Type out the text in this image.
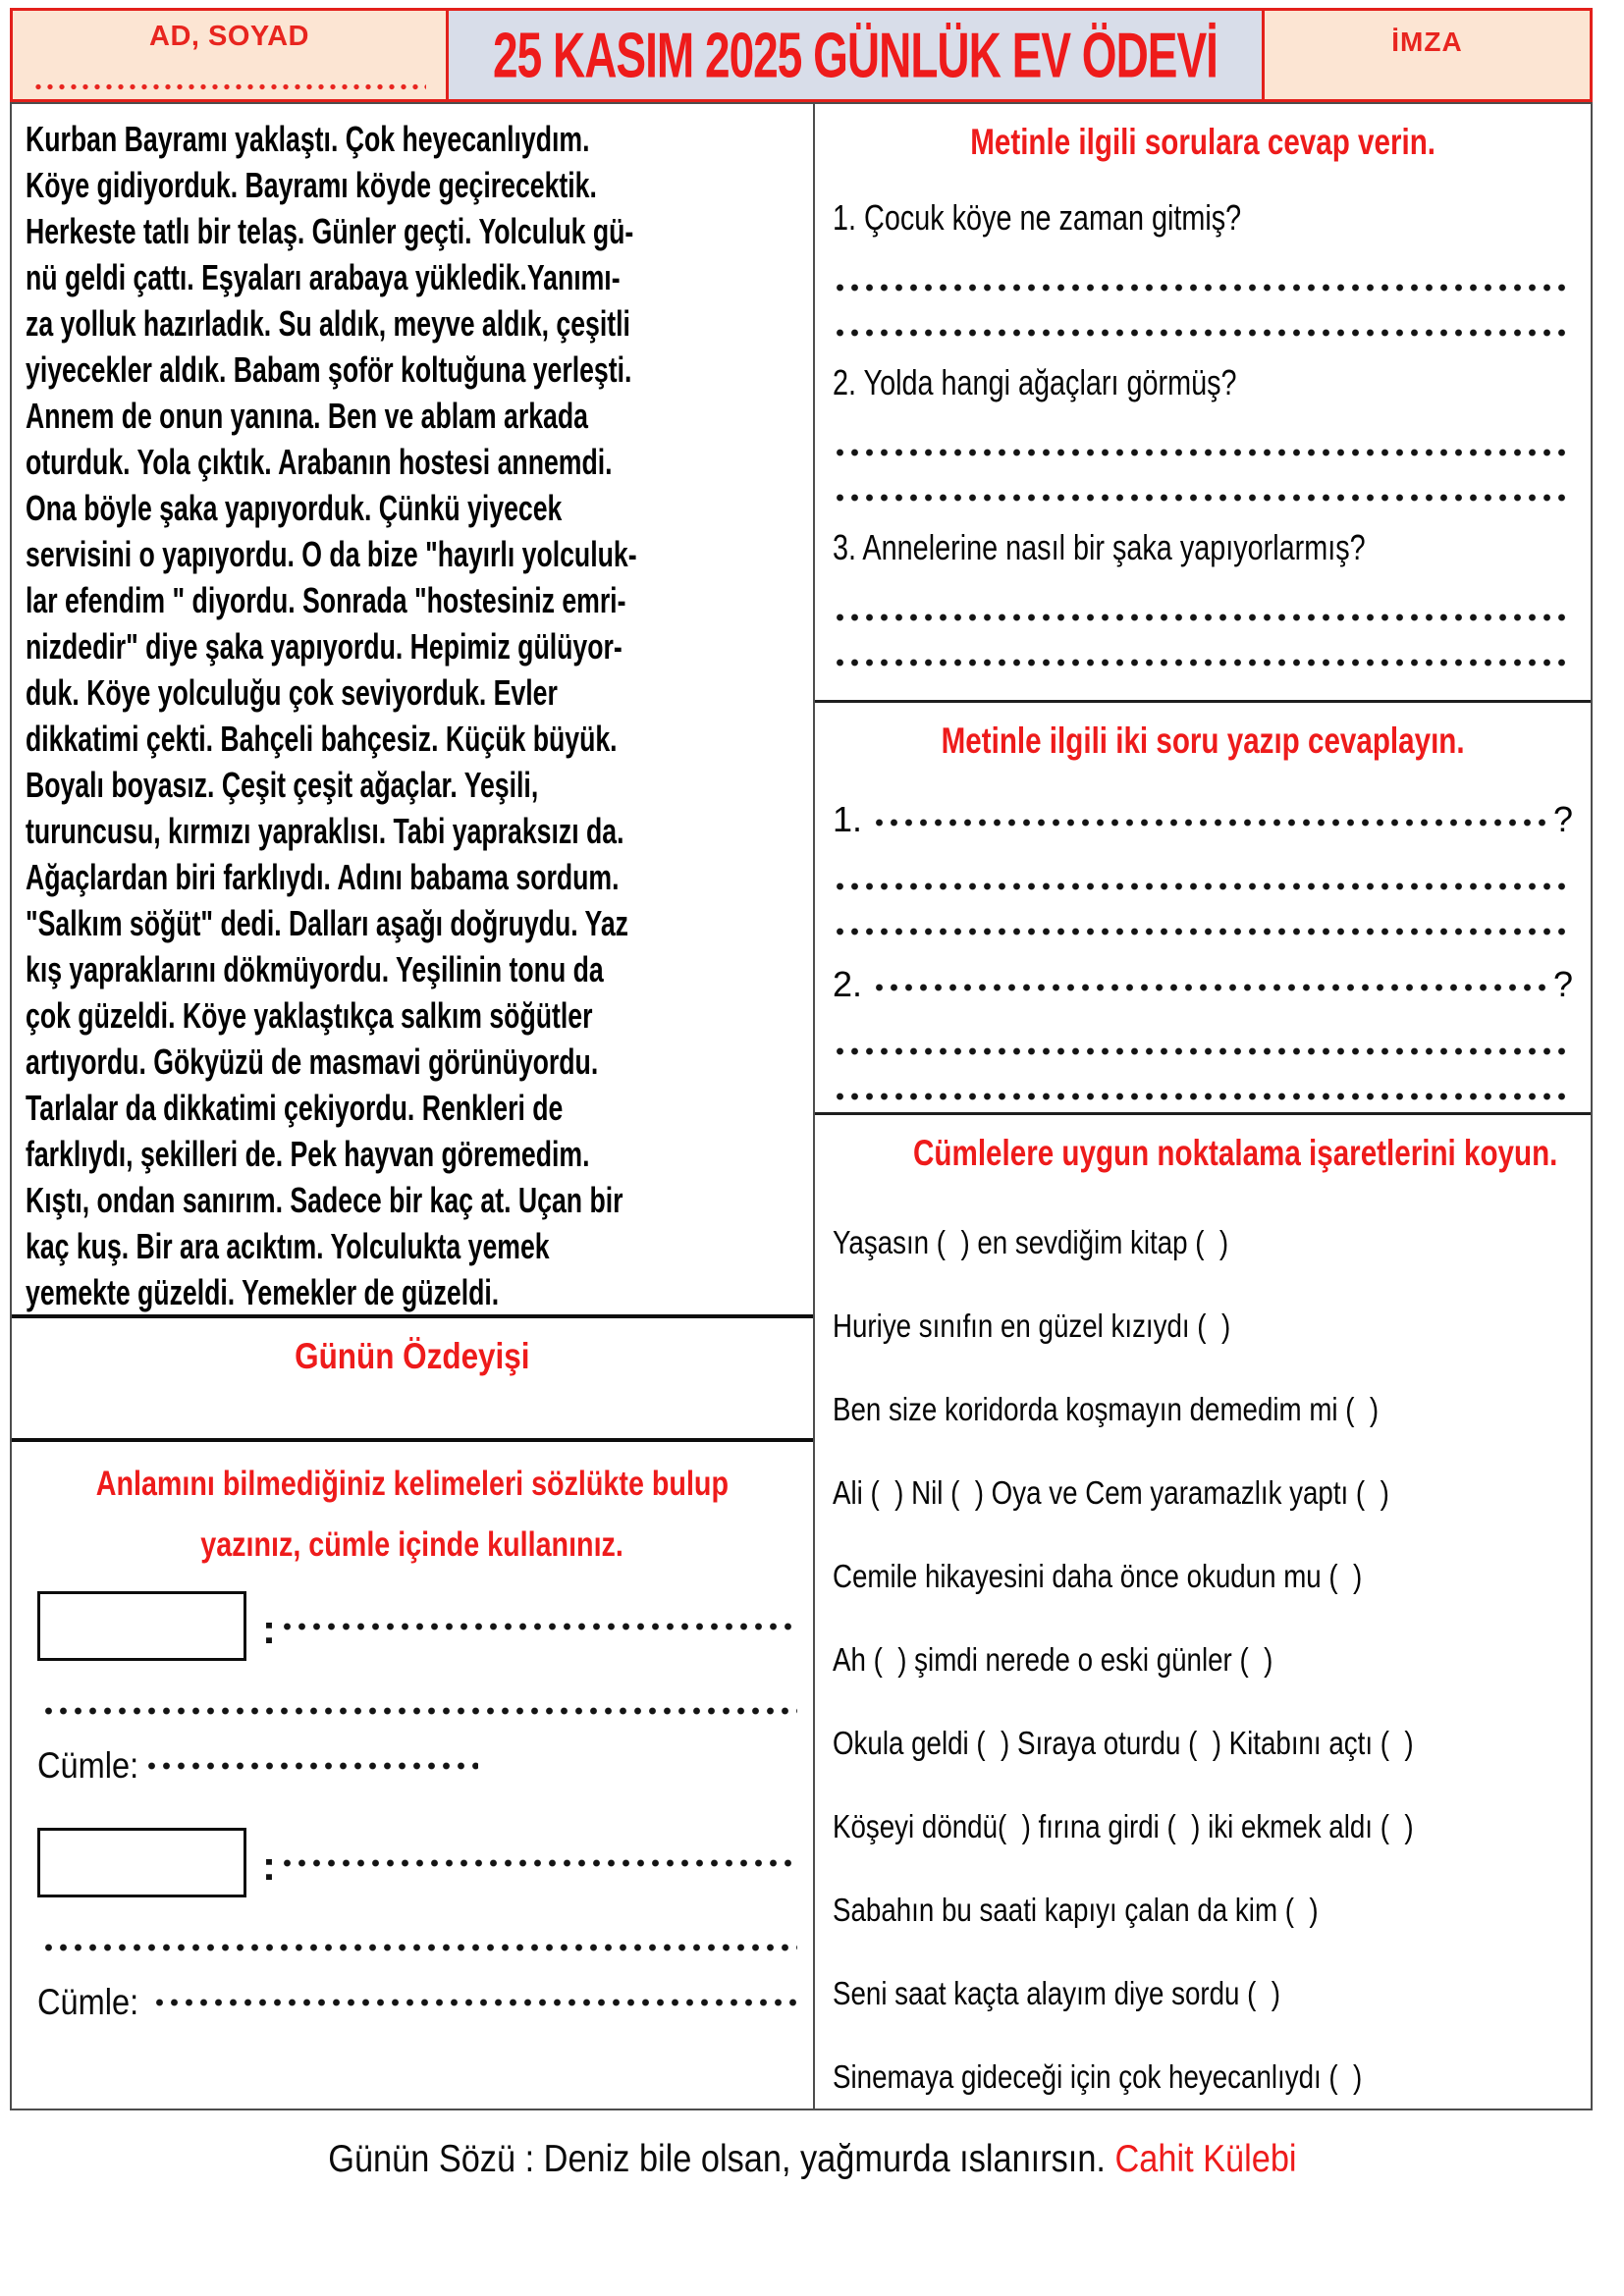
AD, SOYAD	25 KASIM 2025 GÜNLÜK EV ÖDEVİ	İMZA
Kurban Bayramı yaklaştı. Çok heyecanlıydım.
Köye gidiyorduk. Bayramı köyde geçirecektik.
Herkeste tatlı bir telaş. Günler geçti. Yolculuk gü-
nü geldi çattı. Eşyaları arabaya yükledik.Yanımı-
za yolluk hazırladık. Su aldık, meyve aldık, çeşitli
yiyecekler aldık. Babam şoför koltuğuna yerleşti.
Annem de onun yanına. Ben ve ablam arkada
oturduk. Yola çıktık. Arabanın hostesi annemdi.
Ona böyle şaka yapıyorduk. Çünkü yiyecek
servisini o yapıyordu. O da bize "hayırlı yolculuk-
lar efendim " diyordu. Sonrada "hostesiniz emri-
nizdedir" diye şaka yapıyordu. Hepimiz gülüyor-
duk. Köye yolculuğu çok seviyorduk. Evler
dikkatimi çekti. Bahçeli bahçesiz. Küçük büyük.
Boyalı boyasız. Çeşit çeşit ağaçlar. Yeşili,
turuncusu, kırmızı yapraklısı. Tabi yapraksızı da.
Ağaçlardan biri farklıydı. Adını babama sordum.
"Salkım söğüt" dedi. Dalları aşağı doğruydu. Yaz
kış yapraklarını dökmüyordu. Yeşilinin tonu da
çok güzeldi. Köye yaklaştıkça salkım söğütler
artıyordu. Gökyüzü de masmavi görünüyordu.
Tarlalar da dikkatimi çekiyordu. Renkleri de
farklıydı, şekilleri de. Pek hayvan göremedim.
Kıştı, ondan sanırım. Sadece bir kaç at. Uçan bir
kaç kuş. Bir ara acıktım. Yolculukta yemek
yemekte güzeldi. Yemekler de güzeldi.
Günün Özdeyişi
Anlamını bilmediğiniz kelimeleri sözlükte bulup
yazınız, cümle içinde kullanınız.
:
Cümle:
:
Cümle:
Metinle ilgili sorulara cevap verin.
1. Çocuk köye ne zaman gitmiş?
2. Yolda hangi ağaçları görmüş?
3. Annelerine nasıl bir şaka yapıyorlarmış?
Metinle ilgili iki soru yazıp cevaplayın.
1.	?
2.	?
Cümlelere uygun noktalama işaretlerini koyun.
Yaşasın (  ) en sevdiğim kitap (  )
Huriye sınıfın en güzel kızıydı (  )
Ben size koridorda koşmayın demedim mi (  )
Ali (  ) Nil (  ) Oya ve Cem yaramazlık yaptı (  )
Cemile hikayesini daha önce okudun mu (  )
Ah (  ) şimdi nerede o eski günler (  )
Okula geldi (  ) Sıraya oturdu (  ) Kitabını açtı (  )
Köşeyi döndü(  ) fırına girdi (  ) iki ekmek aldı (  )
Sabahın bu saati kapıyı çalan da kim (  )
Seni saat kaçta alayım diye sordu (  )
Sinemaya gideceği için çok heyecanlıydı (  )
Günün Sözü : Deniz bile olsan, yağmurda ıslanırsın. Cahit Külebi
